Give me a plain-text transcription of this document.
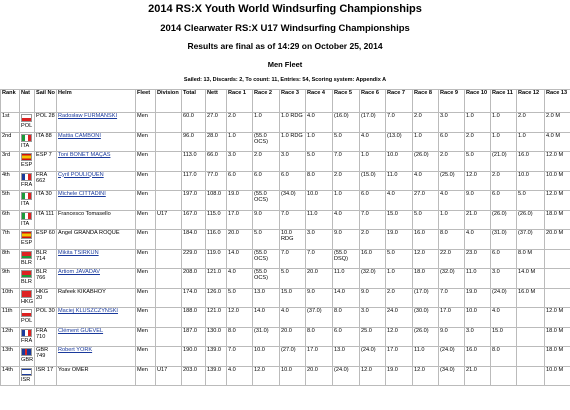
2014 RS:X Youth World Windsurfing Championships
2014 Clearwater RS:X U17 Windsurfing Championships
Results are final as of 14:29 on October 25, 2014
Men Fleet
Sailed: 13, Discards: 2, To count: 11, Entries: 54, Scoring system: Appendix A
Rank	Nat	Sail No	Helm	Fleet	Division	Total	Nett	Race 1	Race 2	Race 3	Race 4	Race 5	Race 6	Race 7	Race 8	Race 9	Race 10	Race 11	Race 12	Race 13
1st	POL	POL 28	Radosław FURMANSKI	Men		60.0	27.0	2.0	1.0	1.0 RDG	4.0	(16.0)	(17.0)	7.0	2.0	3.0	1.0	1.0	2.0	2.0 M
2nd	ITA	ITA 88	Mattia CAMBONI	Men		96.0	28.0	1.0	(55.0 OCS)	1.0 RDG	1.0	5.0	4.0	(13.0)	1.0	6.0	2.0	1.0	1.0	4.0 M
3rd	ESP	ESP 7	Toni BONET MAÇÂS	Men		113.0	66.0	3.0	2.0	3.0	5.0	7.0	1.0	10.0	(26.0)	2.0	5.0	(21.0)	16.0	12.0 M
4th	FRA	FRA 662	Cyril POULIQUEN	Men		117.0	77.0	6.0	6.0	6.0	8.0	2.0	(15.0)	11.0	4.0	(25.0)	12.0	2.0	10.0	10.0 M
5th	ITA	ITA 30	Michele CITTADINI	Men		197.0	108.0	19.0	(55.0 OCS)	(34.0)	10.0	1.0	6.0	4.0	27.0	4.0	9.0	6.0	5.0	12.0 M
6th	ITA	ITA 111	Francesco Tomasello	Men	U17	167.0	115.0	17.0	9.0	7.0	11.0	4.0	7.0	15.0	5.0	1.0	21.0	(26.0)	(26.0)	18.0 M
7th	ESP	ESP 60	Angel GRANDA ROQUE	Men		184.0	116.0	20.0	5.0	10.0 RDG	3.0	9.0	2.0	19.0	16.0	8.0	4.0	(31.0)	(37.0)	20.0 M
8th	BLR	BLR 714	Mikita TSIRKUN	Men		229.0	119.0	14.0	(55.0 OCS)	7.0	7.0	(55.0 DSQ)	16.0	5.0	12.0	22.0	23.0	6.0	8.0 M	
9th	BLR	BLR 766	Artiom JAVADAV	Men		208.0	121.0	4.0	(55.0 OCS)	5.0	20.0	11.0	(32.0)	1.0	18.0	(32.0)	11.0	3.0	14.0 M	
10th	HKG	HKG 20	Rafeek KIKABHOY	Men		174.0	126.0	5.0	13.0	15.0	9.0	14.0	9.0	2.0	(17.0)	7.0	19.0	(24.0)	16.0 M	
11th	POL	POL 30	Maciej KLUSZCZYNSKI	Men		188.0	121.0	12.0	14.0	4.0	(37.0)	8.0	3.0	24.0	(30.0)	17.0	10.0	4.0		12.0 M
12th	FRA	FRA 710	Clément GUEVEL	Men		187.0	130.0	8.0	(31.0)	20.0	8.0	6.0	25.0	12.0	(26.0)	9.0	3.0	15.0		18.0 M
13th	GBR	GBR 749	Robert YORK	Men		190.0	139.0	7.0	10.0	(27.0)	17.0	13.0	(24.0)	17.0	11.0	(24.0)	16.0	8.0		18.0 M
14th	ISR	ISR 17	Yoav OMER	Men	U17	203.0	139.0	4.0	12.0	10.0	20.0	(24.0)	12.0	19.0	12.0	(34.0)	21.0			10.0 M
